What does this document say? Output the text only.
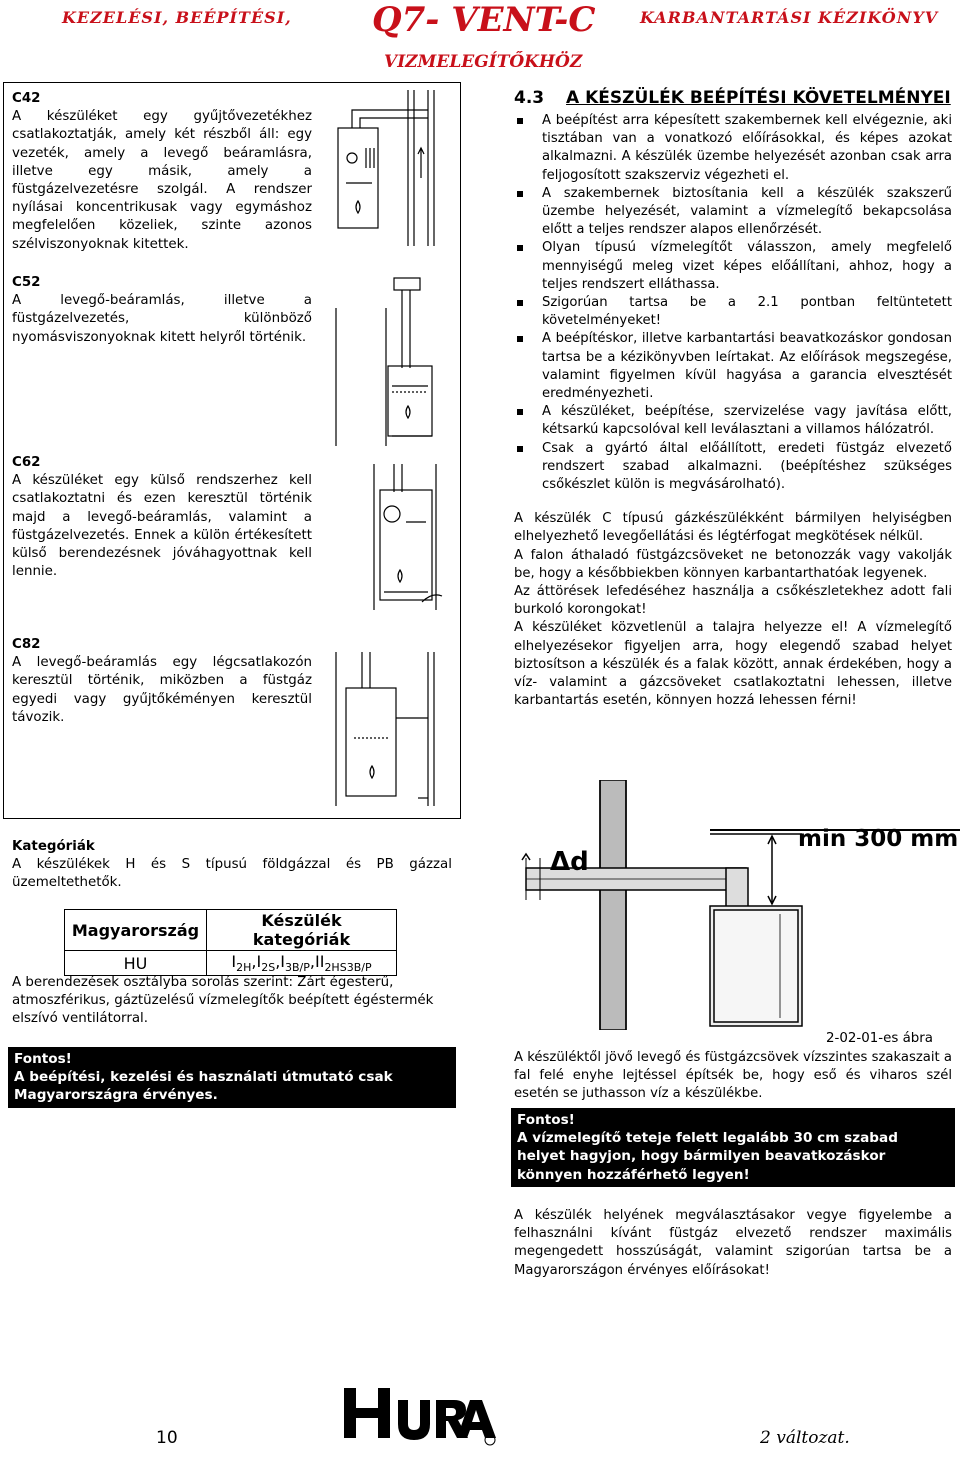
KEZELÉSI, BEÉPÍTÉSI, Q7- VENT-C	KARBANTARTÁSI KÉZIKÖNYV
VIZMELEGÍTŐKHÖZ
C42
A készüléket egy gyűjtővezetékhez csatlakoztatják, amely két részből áll: egy vezeték, amely a levegő beáramlásra, illetve egy másik, amely a füstgázelvezetésre szolgál. A rendszer nyílásai koncentrikusak vagy egymáshoz megfelelően közeliek, szinte azonos szélviszonyoknak kitettek.
C52
A levegő-beáramlás, illetve a füstgázelvezetés, különböző nyomásviszonyoknak kitett helyről történik.
C62
A készüléket egy külső rendszerhez kell csatlakoztatni és ezen keresztül történik majd a levegő-beáramlás, valamint a füstgázelvezetés. Ennek a külön értékesített külső berendezésnek jóváhagyottnak kell lennie.
C82
A levegő-beáramlás egy légcsatlakozón keresztül történik, miközben a füstgáz egyedi vagy gyűjtőkéményen keresztül távozik.
Kategóriák
A készülékek H és S típusú földgázzal és PB gázzal üzemeltethetők.
Magyarország	Készülék kategóriák
HU	$I_{2H},I_{2S},I_{3B/P},II_{2HS3B/P}$
A berendezések osztályba sorolás szerint: Zárt égesterű, atmoszférikus, gáztüzelésű vízmelegítők beépített égéstermék elszívó ventilátorral.
Fontos!
A beépítési, kezelési és használati útmutató csak Magyarországra érvényes.
4.3 A KÉSZÜLÉK BEÉPÍTÉSI KÖVETELMÉNYEI
A beépítést arra képesített szakembernek kell elvégeznie, aki tisztában van a vonatkozó előírásokkal, és képes azokat alkalmazni. A készülék üzembe helyezését azonban csak arra feljogosított szakszerviz végezheti el.
A szakembernek biztosítania kell a készülék szakszerű üzembe helyezését, valamint a vízmelegítő bekapcsolása előtt a teljes rendszer alapos ellenőrzését.
Olyan típusú vízmelegítőt válasszon, amely megfelelő mennyiségű meleg vizet képes előállítani, ahhoz, hogy a teljes rendszert elláthassa.
Szigorúan tartsa be a 2.1 pontban feltüntetett követelményeket!
A beépítéskor, illetve karbantartási beavatkozáskor gondosan tartsa be a kézikönyvben leírtakat. Az előírások megszegése, valamint figyelmen kívül hagyása a garancia elvesztését eredményezheti.
A készüléket, beépítése, szervizelése vagy javítása előtt, kétsarkú kapcsolóval kell leválasztani a villamos hálózatról.
Csak a gyártó által előállított, eredeti füstgáz elvezető rendszert szabad alkalmazni. (beépítéshez szükséges csőkészlet külön is megvásárolható).
A készülék C típusú gázkészülékként bármilyen helyiségben elhelyezhető levegőellátási és légtérfogat megkötések nélkül.
A falon áthaladó füstgázcsöveket ne betonozzák vagy vakolják be, hogy a későbbiekben könnyen karbantarthatóak legyenek.
Az áttörések lefedéséhez használja a csőkészletekhez adott fali burkoló korongokat!
A készüléket közvetlenül a talajra helyezze el! A vízmelegítő elhelyezésekor figyeljen arra, hogy elegendő szabad helyet biztosítson a készülék és a falak között, annak érdekében, hogy a víz- valamint a gázcsöveket csatlakoztatni lehessen, illetve karbantartás esetén, könnyen hozzá lehessen férni!
Δd
min 300 mm
2-02-01-es ábra
A készüléktől jövő levegő és füstgázcsövek vízszintes szakaszait a fal felé enyhe lejtéssel építsék be, hogy eső és viharos szél esetén se juthasson víz a készülékbe.
Fontos!
A vízmelegítő teteje felett legalább 30 cm szabad helyet hagyjon, hogy bármilyen beavatkozáskor könnyen hozzáférhető legyen!
A készülék helyének megválasztásakor vegye figyelembe a felhasználni kívánt füstgáz elvezető rendszer maximális megengedett hosszúságát, valamint szigorúan tartsa be a Magyarországon érvényes előírásokat!
10	2 változat.
